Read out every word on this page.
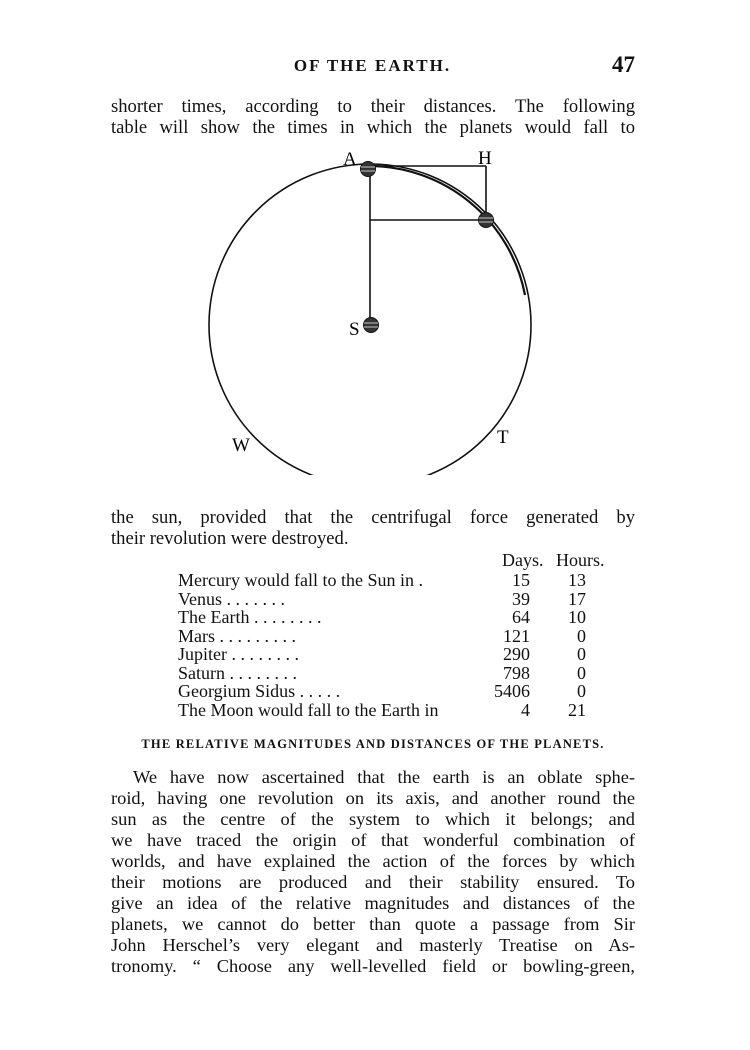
OF THE EARTH.	47
shorter times, according to their distances. The following
table will show the times in which the planets would fall to
A	H
S
W	T
the sun, provided that the centrifugal force generated by
their revolution were destroyed.
Days. Hours.
Mercury would fall to the Sun in .	15 13
Venus . . . . . . .	39 17
The Earth . . . . . . . .	64 10
Mars . . . . . . . . .	121	0
Jupiter . . . . . . . .	290	0
Saturn . . . . . . . .	798	0
Georgium Sidus . . . . .	5406	0
The Moon would fall to the Earth in	4 21
THE RELATIVE MAGNITUDES AND DISTANCES OF THE PLANETS.
We have now ascertained that the earth is an oblate sphe-
roid, having one revolution on its axis, and another round the
sun as the centre of the system to which it belongs; and
we have traced the origin of that wonderful combination of
worlds, and have explained the action of the forces by which
their motions are produced and their stability ensured. To
give an idea of the relative magnitudes and distances of the
planets, we cannot do better than quote a passage from Sir
John Herschel’s very elegant and masterly Treatise on As-
tronomy. “ Choose any well-levelled field or bowling-green,
